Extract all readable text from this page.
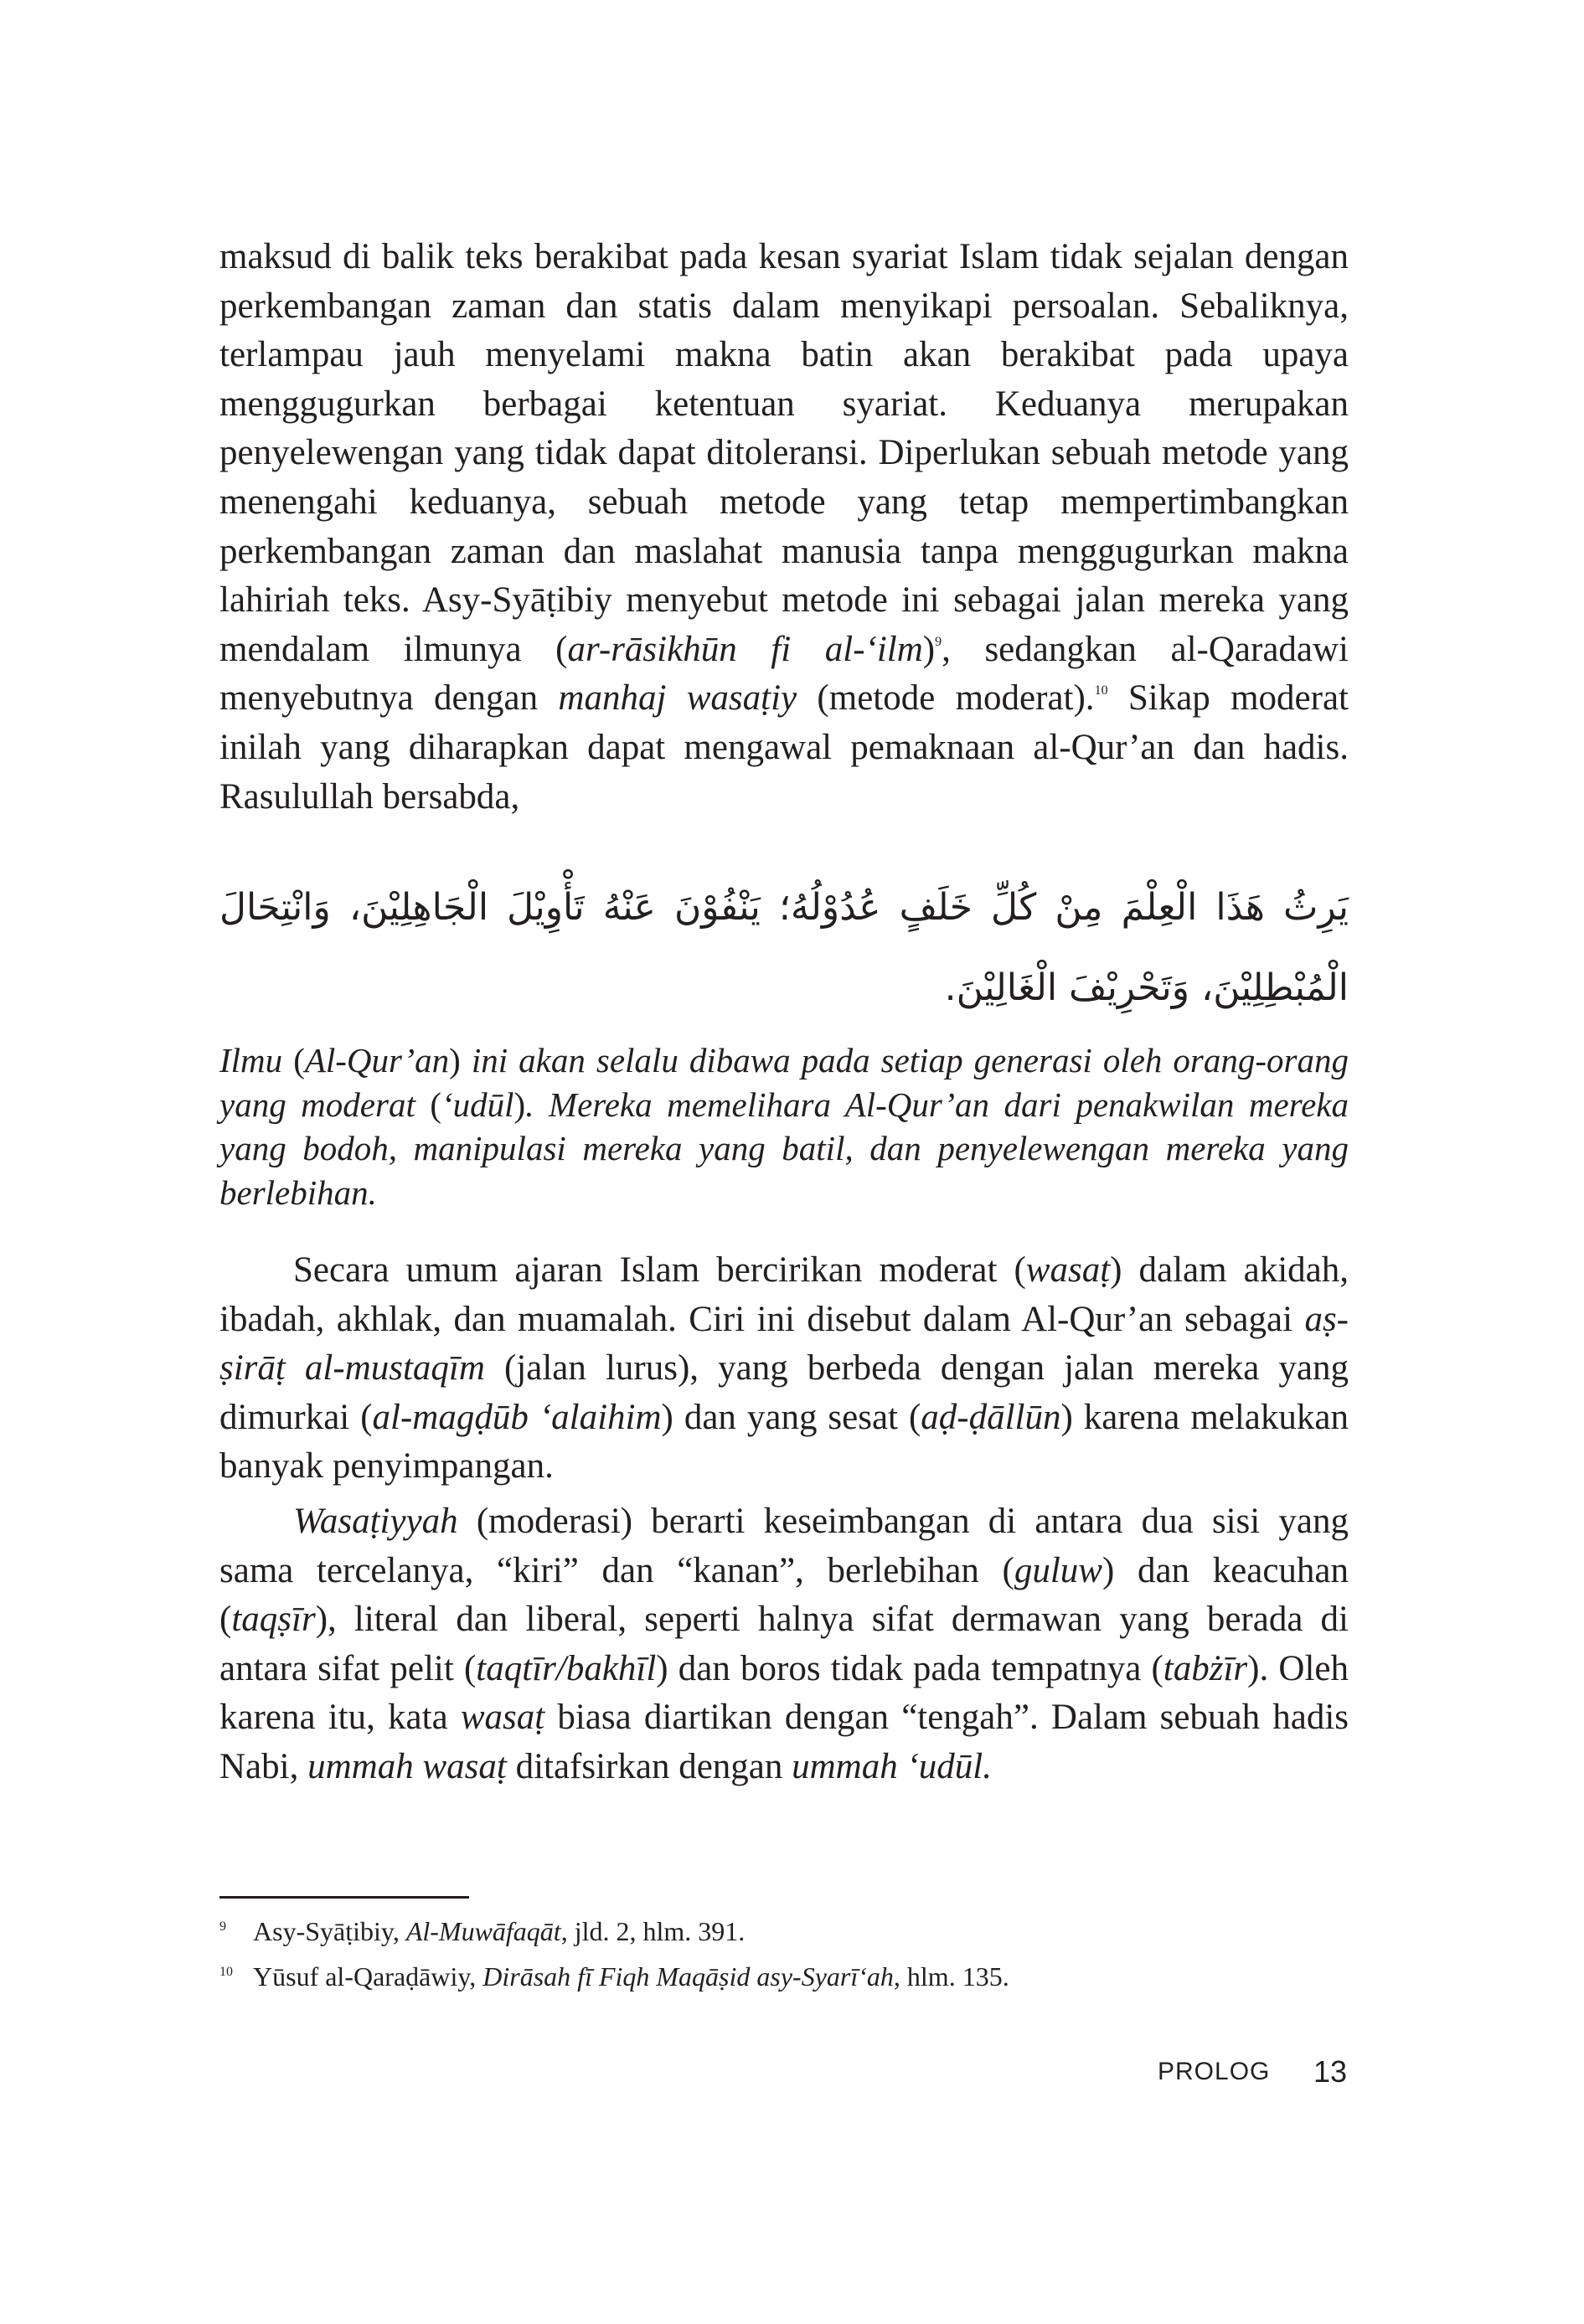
maksud di balik teks berakibat pada kesan syariat Islam tidak sejalan dengan perkembangan zaman dan statis dalam menyikapi persoalan. Sebaliknya, terlampau jauh menyelami makna batin akan berakibat pada upaya menggugurkan berbagai ketentuan syariat. Keduanya merupakan penyelewengan yang tidak dapat ditoleransi. Diperlukan sebuah metode yang menengahi keduanya, sebuah metode yang tetap mempertimbangkan perkembangan zaman dan maslahat manusia tanpa menggugurkan makna lahiriah teks. Asy-Syāṭibiy menyebut metode ini sebagai jalan mereka yang mendalam ilmunya (ar-rāsikhūn fi al-‘ilm)$^9$, sedangkan al-Qaradawi menyebutnya dengan manhaj wasaṭiy (metode moderat).$^{10}$ Sikap moderat inilah yang diharapkan dapat mengawal pemaknaan al-Qur’an dan hadis. Rasulullah bersabda,

يَرِثُ هَذَا الْعِلْمَ مِنْ كُلِّ خَلَفٍ عُدُوْلُهُ؛ يَنْفُوْنَ عَنْهُ تَأْوِيْلَ الْجَاهِلِيْنَ، وَانْتِحَالَ الْمُبْطِلِيْنَ، وَتَحْرِيْفَ الْغَالِيْنَ.

Ilmu (Al-Qur’an) ini akan selalu dibawa pada setiap generasi oleh orang-orang yang moderat (‘udūl). Mereka memelihara Al-Qur’an dari penakwilan mereka yang bodoh, manipulasi mereka yang batil, dan penyelewengan mereka yang berlebihan.

Secara umum ajaran Islam bercirikan moderat (wasaṭ) dalam akidah, ibadah, akhlak, dan muamalah. Ciri ini disebut dalam Al-Qur’an sebagai aṣ-ṣirāṭ al-mustaqīm (jalan lurus), yang berbeda dengan jalan mereka yang dimurkai (al-magḍūb ‘alaihim) dan yang sesat (aḍ-ḍāllūn) karena melakukan banyak penyimpangan.

Wasaṭiyyah (moderasi) berarti keseimbangan di antara dua sisi yang sama tercelanya, “kiri” dan “kanan”, berlebihan (guluw) dan keacuhan (taqṣīr), literal dan liberal, seperti halnya sifat dermawan yang berada di antara sifat pelit (taqtīr/bakhīl) dan boros tidak pada tempatnya (tabżīr). Oleh karena itu, kata wasaṭ biasa diartikan dengan “tengah”. Dalam sebuah hadis Nabi, ummah wasaṭ ditafsirkan dengan ummah ‘udūl.

9 Asy-Syāṭibiy, Al-Muwāfaqāt, jld. 2, hlm. 391.

10 Yūsuf al-Qaraḍāwiy, Dirāsah fī Fiqh Maqāṣid asy-Syarī‘ah, hlm. 135.

PROLOG 13
